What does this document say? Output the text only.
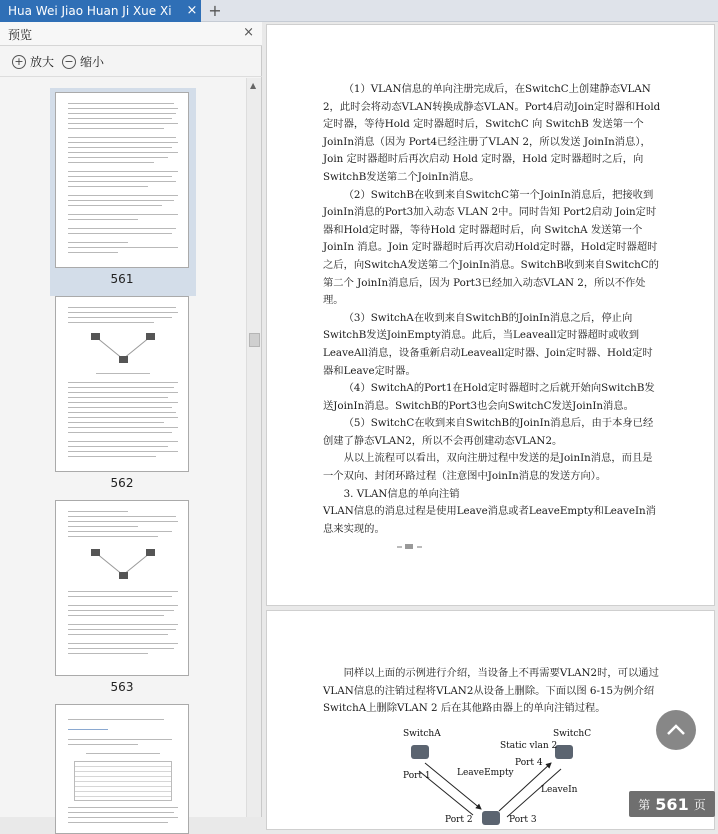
Hua Wei Jiao Huan Ji Xue Xi	× +
预览	×
+ 放大 − 缩小
561
562
563
▲	（1）VLAN信息的单向注册完成后，在SwitchC上创建静态VLAN 2，此时会将动态VLAN转换成静态VLAN。Port4启动Join定时器和Hold定时器，等待Hold 定时器超时后，SwitchC 向 SwitchB 发送第一个JoinIn消息（因为 Port4已经注册了VLAN 2，所以发送 JoinIn消息），Join 定时器超时后再次启动 Hold 定时器，Hold 定时器超时之后，向 SwitchB发送第二个JoinIn消息。

（2）SwitchB在收到来自SwitchC第一个JoinIn消息后，把接收到JoinIn消息的Port3加入动态 VLAN 2中。同时告知 Port2启动 Join定时器和Hold定时器，等待Hold 定时器超时后，向 SwitchA 发送第一个 JoinIn 消息。Join 定时器超时后再次启动Hold定时器，Hold定时器超时之后，向SwitchA发送第二个JoinIn消息。SwitchB收到来自SwitchC的第二个 JoinIn消息后，因为 Port3已经加入动态VLAN 2，所以不作处理。

（3）SwitchA在收到来自SwitchB的JoinIn消息之后，停止向SwitchB发送JoinEmpty消息。此后，当Leaveall定时器超时或收到LeaveAll消息，设备重新启动Leaveall定时器、Join定时器、Hold定时器和Leave定时器。

（4）SwitchA的Port1在Hold定时器超时之后就开始向SwitchB发送JoinIn消息。SwitchB的Port3也会向SwitchC发送JoinIn消息。

（5）SwitchC在收到来自SwitchB的JoinIn消息后，由于本身已经创建了静态VLAN2，所以不会再创建动态VLAN2。

从以上流程可以看出，双向注册过程中发送的是JoinIn消息，而且是一个双向、封闭环路过程（注意图中JoinIn消息的发送方向）。

3. VLAN信息的单向注销

VLAN信息的消息过程是使用Leave消息或者LeaveEmpty和LeaveIn消息来实现的。

同样以上面的示例进行介绍，当设备上不再需要VLAN2时，可以通过VLAN信息的注销过程将VLAN2从设备上删除。下面以图 6-15为例介绍SwitchA上删除VLAN 2 后在其他路由器上的单向注销过程。

SwitchA	SwitchC
Static vlan 2
Port 1	LeaveEmpty
Port 4
LeaveIn
Port 2	Port 3
第 561 页
